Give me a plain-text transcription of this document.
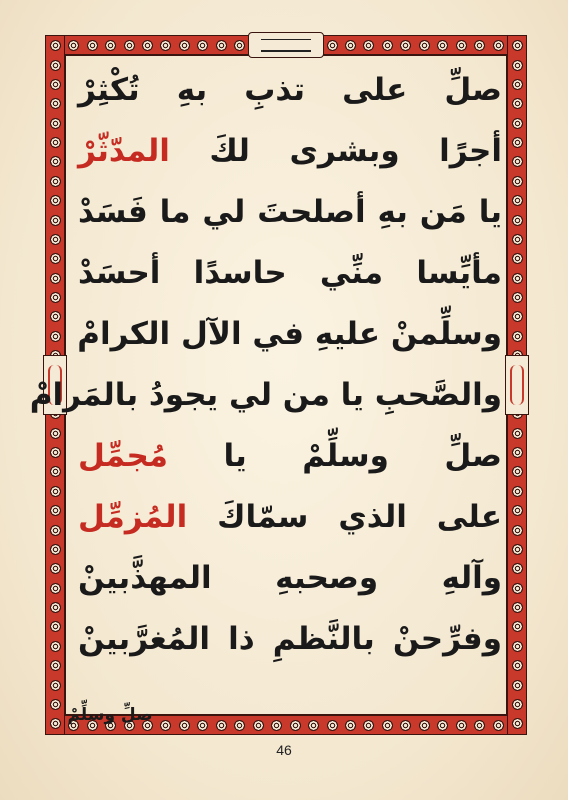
صلِّ على تذبِ بهِ تُكْثِرْ
أجرًا وبشرى لكَ المدّثّرْ
يا مَن بهِ أصلحتَ لي ما فَسَدْ
مأيِّسا منِّي حاسدًا أحسَدْ
وسلِّمنْ عليهِ في الآل الكرامْ
والصَّحبِ يا من لي يجودُ بالمَرامْ
صلِّ وسلِّمْ يا مُجمِّل
على الذي سمّاكَ المُزمِّل
وآلهِ وصحبهِ المهذَّبينْ
وفرِّحنْ بالنَّظمِ ذا المُغرَّبينْ
صلِّ وسلِّمْ
46
